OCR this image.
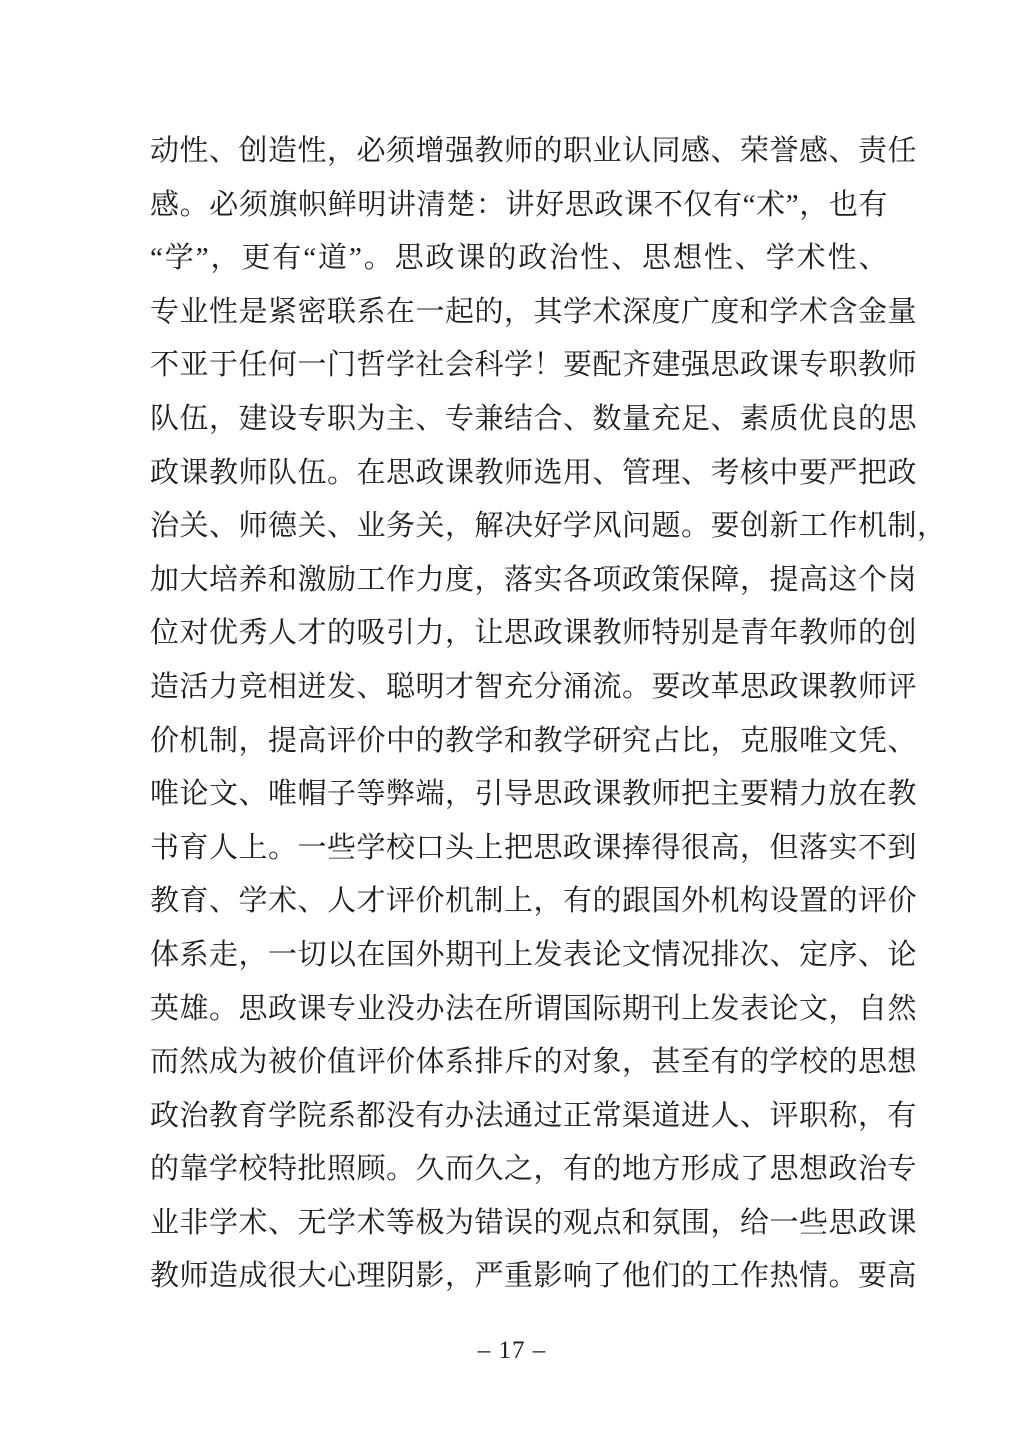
动性、创造性，必须增强教师的职业认同感、荣誉感、责任
感。必须旗帜鲜明讲清楚：讲好思政课不仅有“术”，也有
“学”，更有“道”。思政课的政治性、思想性、学术性、
专业性是紧密联系在一起的，其学术深度广度和学术含金量
不亚于任何一门哲学社会科学！要配齐建强思政课专职教师
队伍，建设专职为主、专兼结合、数量充足、素质优良的思
政课教师队伍。在思政课教师选用、管理、考核中要严把政
治关、师德关、业务关，解决好学风问题。要创新工作机制，
加大培养和激励工作力度，落实各项政策保障，提高这个岗
位对优秀人才的吸引力，让思政课教师特别是青年教师的创
造活力竞相迸发、聪明才智充分涌流。要改革思政课教师评
价机制，提高评价中的教学和教学研究占比，克服唯文凭、
唯论文、唯帽子等弊端，引导思政课教师把主要精力放在教
书育人上。一些学校口头上把思政课捧得很高，但落实不到
教育、学术、人才评价机制上，有的跟国外机构设置的评价
体系走，一切以在国外期刊上发表论文情况排次、定序、论
英雄。思政课专业没办法在所谓国际期刊上发表论文，自然
而然成为被价值评价体系排斥的对象，甚至有的学校的思想
政治教育学院系都没有办法通过正常渠道进人、评职称，有
的靠学校特批照顾。久而久之，有的地方形成了思想政治专
业非学术、无学术等极为错误的观点和氛围，给一些思政课
教师造成很大心理阴影，严重影响了他们的工作热情。要高
– 17 –
